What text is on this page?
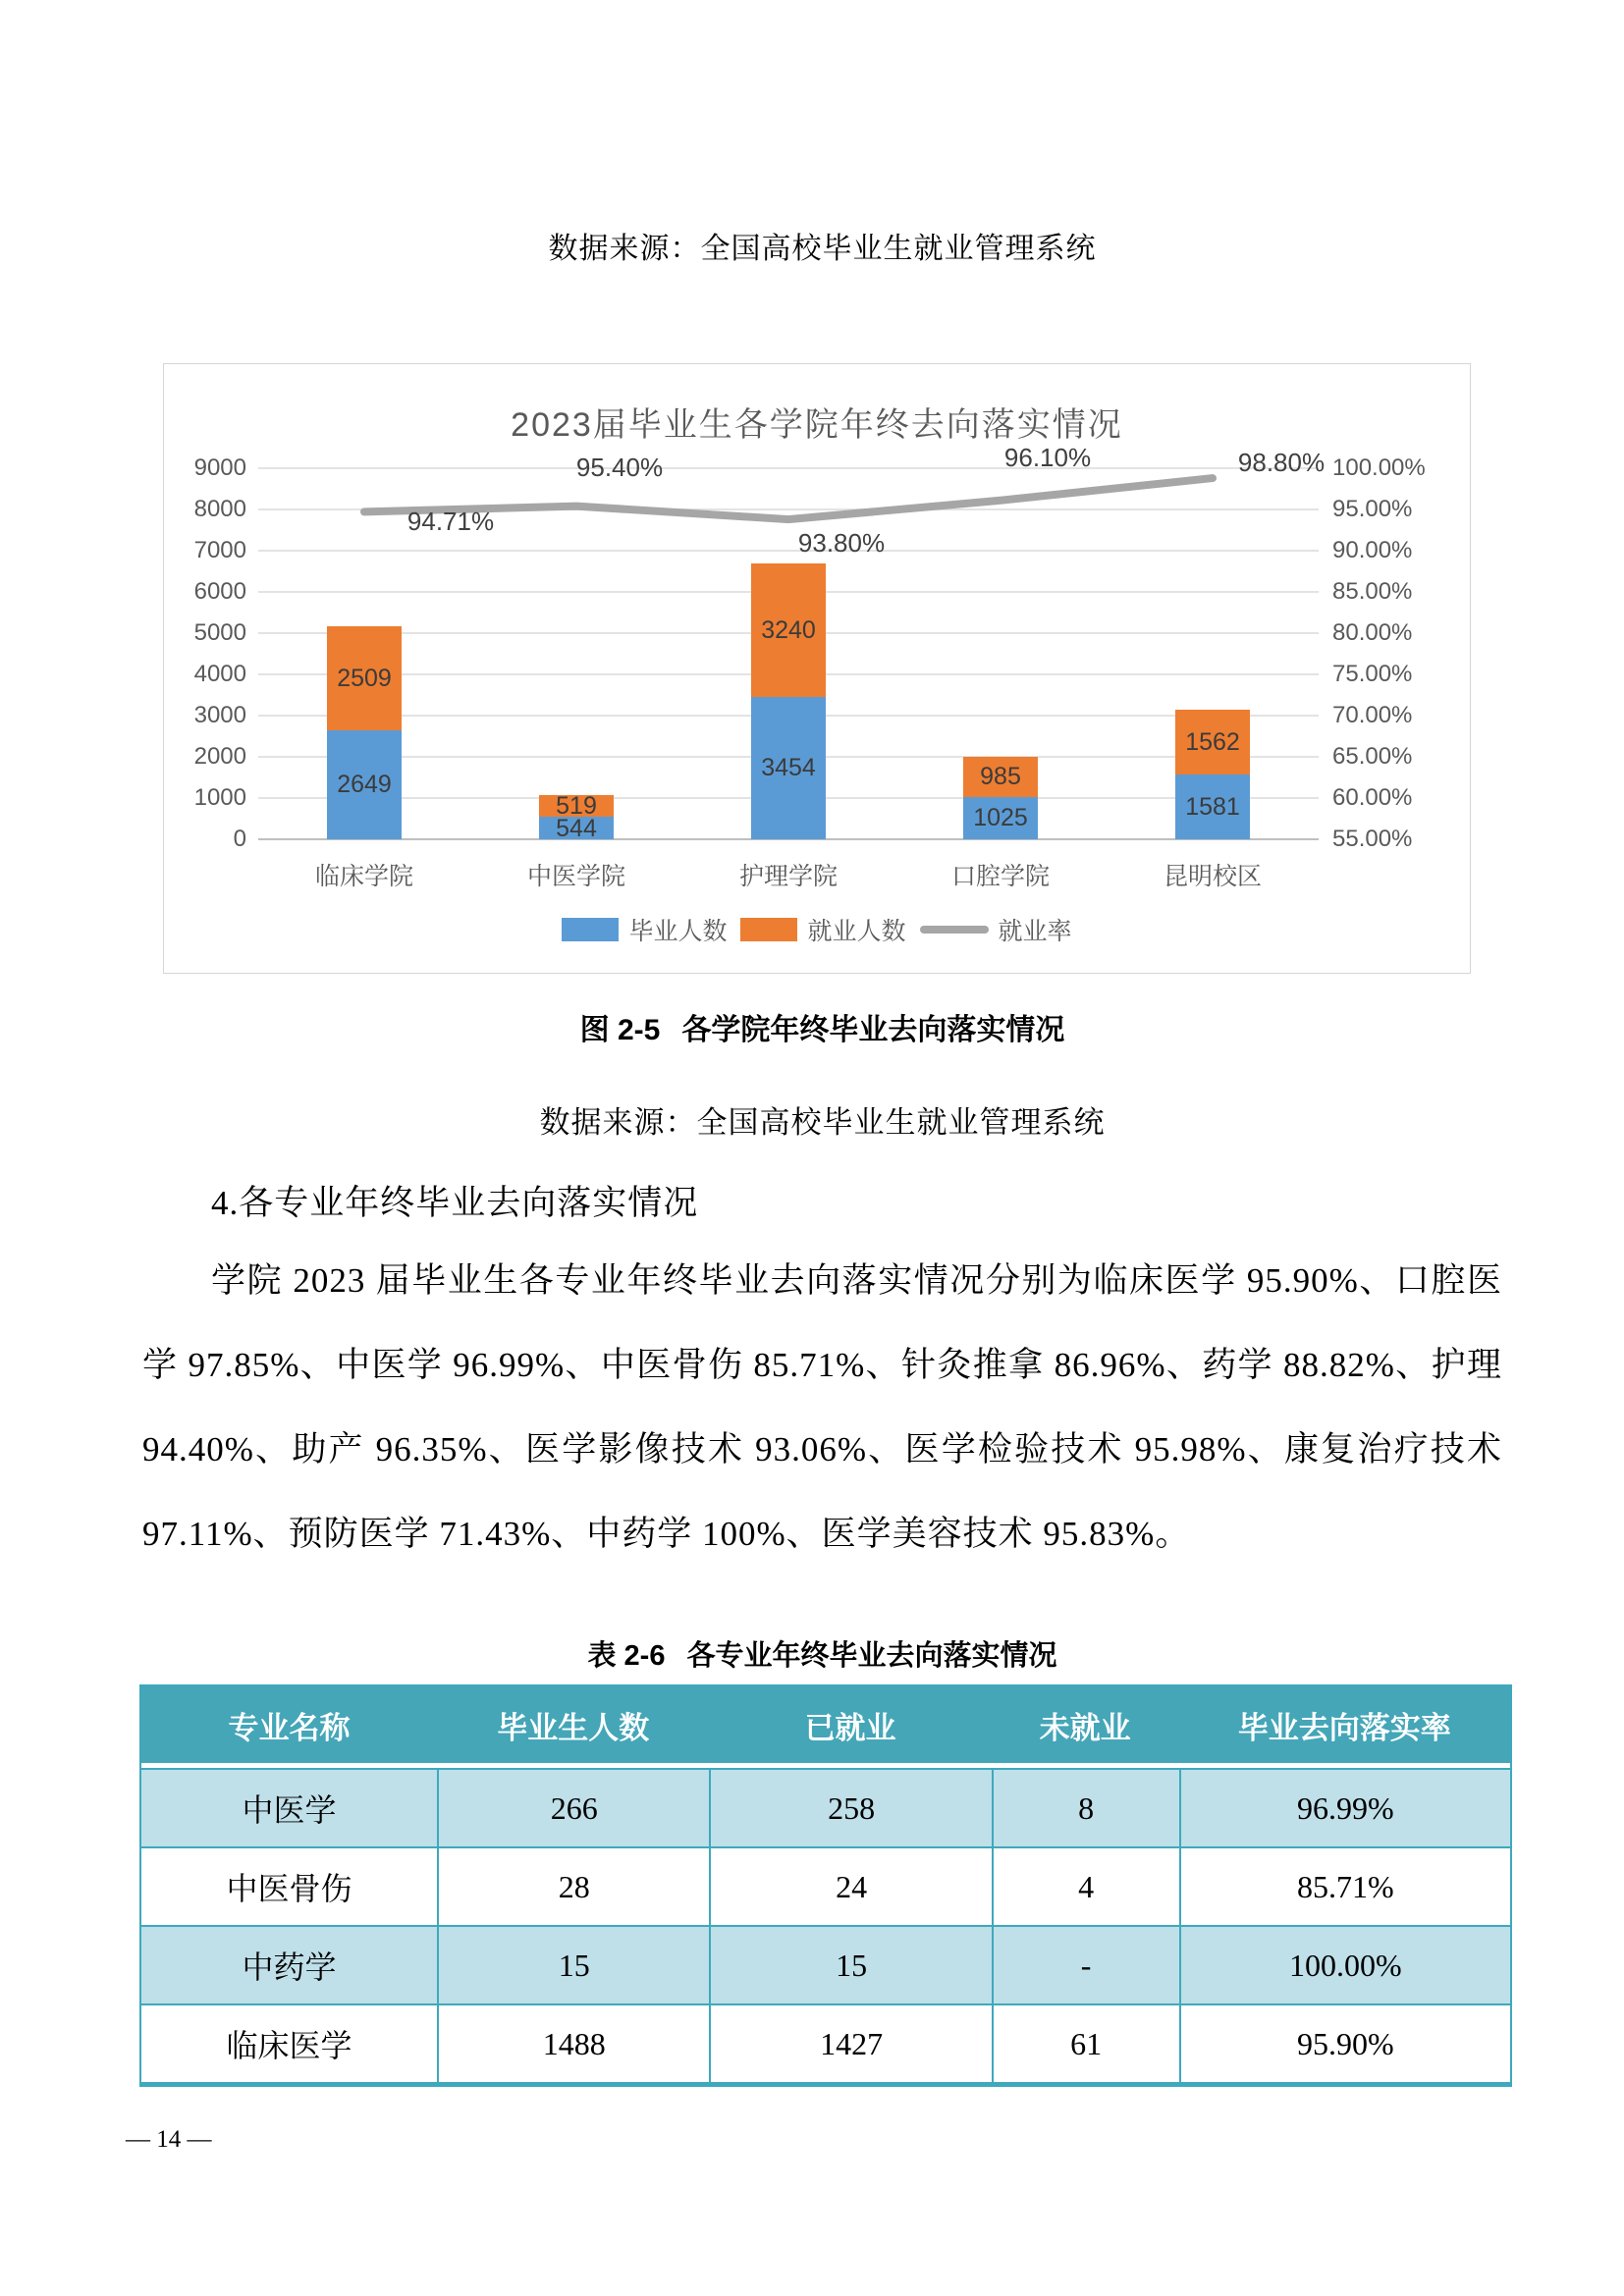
数据来源：全国高校毕业生就业管理系统
2023届毕业生各学院年终去向落实情况
毕业人数	就业人数	就业率
9000	100.00%
8000	95.00%
7000	90.00%
6000	85.00%
5000	80.00%
4000	75.00%
3000	70.00%
2000	65.00%
1000	60.00%
0	55.00%
2649
2509
临床学院
544
519
中医学院
3454
3240
护理学院
1025
985
口腔学院
1581
1562
昆明校区
94.71%
95.40%
93.80%
96.10%	98.80%
图 2-5 各学院年终毕业去向落实情况
数据来源：全国高校毕业生就业管理系统
4.各专业年终毕业去向落实情况
学院 2023 届毕业生各专业年终毕业去向落实情况分别为临床医学 95.90%、口腔医学 97.85%、中医学 96.99%、中医骨伤 85.71%、针灸推拿 86.96%、药学 88.82%、护理 94.40%、助产 96.35%、医学影像技术 93.06%、医学检验技术 95.98%、康复治疗技术 97.11%、预防医学 71.43%、中药学 100%、医学美容技术 95.83%。
表 2-6 各专业年终毕业去向落实情况
专业名称	毕业生人数	已就业	未就业	毕业去向落实率
中医学	266	258	8	96.99%
中医骨伤	28	24	4	85.71%
中药学	15	15	-	100.00%
临床医学	1488	1427	61	95.90%
— 14 —
